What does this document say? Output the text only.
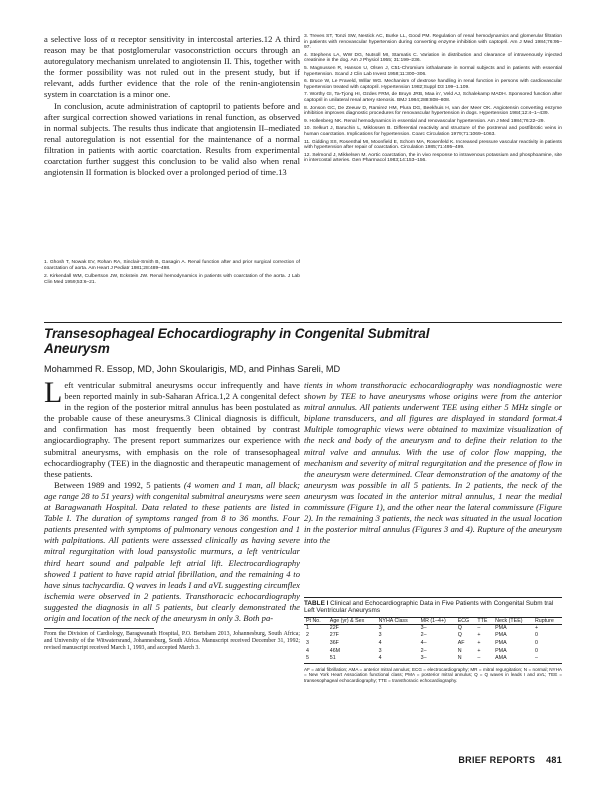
a selective loss of α receptor sensitivity in intercostal arteries.12 A third reason may be that postglomerular vasoconstriction occurs through an autoregulatory mechanism unrelated to angiotensin II. This, together with the former possibility was not ruled out in the present study, but if relevant, adds further evidence that the role of the renin-angiotensin system in coarctation is a minor one.

In conclusion, acute administration of captopril to patients before and after surgical correction showed variations in renal function, as observed in normal subjects. The results thus indicate that angiotensin II–mediated renal autoregulation is not essential for the maintenance of a normal filtration in patients with aortic coarctation. Results from experimental coarctation further suggest this conclusion to be valid also when renal angiotensin II formation is blocked over a prolonged period of time.13

1. Ghosh T, Nowak EV, Rohan RA, Sinclair-Smith B, Gasagin A. Renal function after and prior surgical correction of coarctation of aorta. Am Heart J Pediatr 1981;28:489–498.

2. Kirkendall WM, Culbertson JW, Eckstein JW. Renal hemodynamics in patients with coarctation of the aorta. J Lab Clin Med 1959;53:6–21.

3. Treves ST, Tonzi SW, Nestick AC, Burke LL, Good PM. Regulation of renal hemodynamics and glomerular filtration in patients with renovascular hypertension during converting enzyme inhibition with captopril. Am J Med 1984;76:95–97.

4. Stephens LA, WW DG, Nutsoll MI, Stamatis C. Variation in distribution and clearance of intravenously injected creatinine in the dog. Am J Physiol 1955; 31:199–236.

5. Magnussen R, Hanson U, Olsen J, C51-Chromium iothalamate in normal subjects and in patients with essential hypertension. Scand J Clin Lab Invest 1958;11:300–306.

6. Bruce W, Le Fraveld, Willar WG. Mechanism of dextrose handling in renal function in persons with cardiovascular hypertension treated with captopril. Hypertension 1982;Suppl D3 199–1.109.

7. Worthy GI, Ta-Tjong HI, Ozdes FRM, de Bruyn JRB, Maa in', Veld AJ, Schalekamp MADH. Sponsored function after captopril in unilateral renal artery stenosis. BMJ 1984;288:808–808.

8. Jonson GC, De Zeeuw D, Ramirez HM, Plura DG, Beekhuis H, van der Meer OK. Angiotensin converting enzyme inhibition improves diagnostic procedures for renovascular hypertension in dogs. Hypertension 1984;12:4–1–439.

9. Hollenberg NK. Renal hemodynamics in essential and renovascular hypertension. Am J Med 1984;76:22–29.

10. Selkurt J, Baruchin L, Miklossen B. Differential reactivity and structure of the postrenal and postfibrotic veins in human coarctation. Implications for hypertension. Coarc Circulation 1979;71:1069–1063.

11. Gidding SS, Rosenthal MI, Moonfield E, Schorn MA, Rosenfeld K. Increased pressure vascular reactivity in patients with hypertension after repair of coarctation. Circulation 1985;71:495–499.

12. Selmond J, Mikkelsen M. Aortic coarctation, the in vivo response to intravenous potassium and phosphoamine, site in intercostal arteries. Gen Pharmacol 1983;14:153–156.

Transesophageal Echocardiography in Congenital Submitral
Aneurysm
Mohammed R. Essop, MD, John Skoularigis, MD, and Pinhas Sareli, MD

Left ventricular submitral aneurysms occur infrequently and have been reported mainly in sub-Saharan Africa.1,2 A congenital defect in the region of the posterior mitral annulus has been postulated as the probable cause of these aneurysms.3 Clinical diagnosis is difficult, and confirmation has most frequently been obtained by contrast angiocardiography. The present report summarizes our experience with submitral aneurysms, with emphasis on the role of transesophageal echocardiography (TEE) in the diagnostic and therapeutic management of these patients.

Between 1989 and 1992, 5 patients (4 women and 1 man, all black; age range 28 to 51 years) with congenital submitral aneurysms were seen at Baragwanath Hospital. Data related to these patients are listed in Table I. The duration of symptoms ranged from 8 to 36 months. Four patients presented with symptoms of pulmonary venous congestion and 1 with palpitations. All patients were assessed clinically as having severe mitral regurgitation with loud pansystolic murmurs, a left ventricular third heart sound and palpable left atrial lift. Electrocardiography showed 1 patient to have rapid atrial fibrillation, and the remaining 4 to have sinus tachycardia. Q waves in leads I and aVL suggesting circumflex ischemia were observed in 2 patients. Transthoracic echocardiography suggested the diagnosis in all 5 patients, but clearly demonstrated the origin and location of the neck of the aneurysm in only 3. Both pa-

From the Division of Cardiology, Baragwanath Hospital, P.O. Bertsham 2013, Johannesburg, South Africa; and University of the Witwatersrand, Johannesburg, South Africa. Manuscript received December 31, 1992; revised manuscript received March 1, 1993, and accepted March 3.

tients in whom transthoracic echocardiography was nondiagnostic were shown by TEE to have aneurysms whose origins were from the anterior mitral annulus. All patients underwent TEE using either 5 MHz single or biplane transducers, and all figures are displayed in standard format.4 Multiple tomographic views were obtained to maximize visualization of the neck and body of the aneurysm and to define their relation to the mitral valve and annulus. With the use of color flow mapping, the mechanism and severity of mitral regurgitation and the presence of flow in the aneurysm were determined. Clear demonstration of the anatomy of the aneurysm was possible in all 5 patients. In 2 patients, the neck of the aneurysm was located in the anterior mitral annulus, 1 near the medial commissure (Figure 1), and the other near the lateral commissure (Figure 2). In the remaining 3 patients, the neck was situated in the usual location in the posterior mitral annulus (Figures 3 and 4). Rupture of the aneurysm into the

TABLE I Clinical and Echocardiographic Data in Five Patients with Congenital Subm tral Left Ventricular Aneurysms
Pt No.	Age (yr) & Sex	NYHA Class	MR (1–4+)	ECG	TTE	Neck (TEE)	Rupture
1	22F	3	3–	Q	–	PMA	+
2	27F	3	2–	Q	+	PMA	0
3	36F	4	4–	AF	+	PMA	0
4	46M	3	2–	N	+	PMA	0
5	51	4	3–	N	–	AMA	–

AF = atrial fibrillation; AMA = anterior mitral annulus; ECG = electrocardiography; MR = mitral regurgitation; N = normal; NYHA = New York Heart Association functional class; PMA = posterior mitral annulus; Q = Q waves in leads I and aVL; TEE = transesophageal echocardiography; TTE = transthoracic echocardiography.

BRIEF REPORTS 481
